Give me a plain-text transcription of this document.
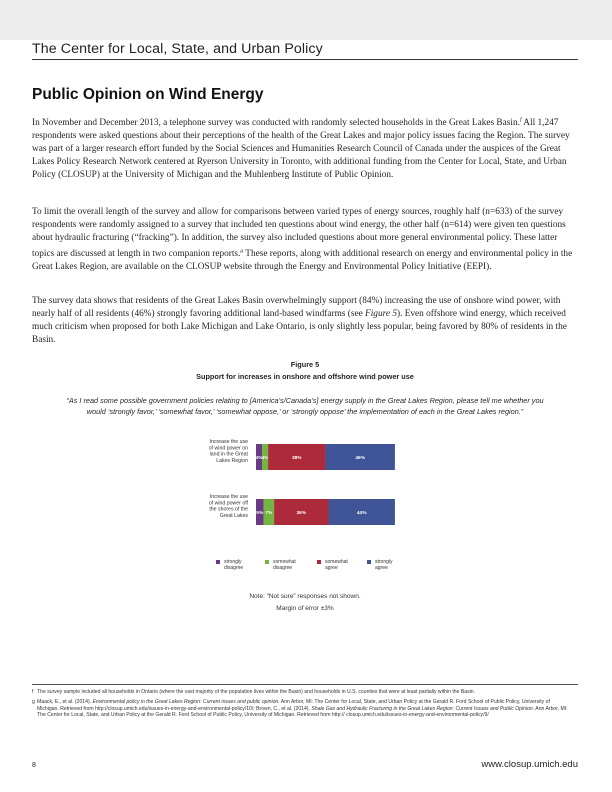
The Center for Local, State, and Urban Policy
Public Opinion on Wind Energy

In November and December 2013, a telephone survey was conducted with randomly selected households in the Great Lakes Basin.$^f$ All 1,247 respondents were asked questions about their perceptions of the health of the Great Lakes and major policy issues facing the Region. The survey was part of a larger research effort funded by the Social Sciences and Humanities Research Council of Canada under the auspices of the Great Lakes Policy Research Network centered at Ryerson University in Toronto, with additional funding from the Center for Local, State, and Urban Policy (CLOSUP) at the University of Michigan and the Muhlenberg Institute of Public Opinion.

To limit the overall length of the survey and allow for comparisons between varied types of energy sources, roughly half (n=633) of the survey respondents were randomly assigned to a survey that included ten questions about wind energy, the other half (n=614) were given ten questions about hydraulic fracturing (“fracking”). In addition, the survey also included questions about more general environmental policy. These latter topics are discussed at length in two companion reports.$^g$ These reports, along with additional research on energy and environmental policy in the Great Lakes Region, are available on the CLOSUP website through the Energy and Environmental Policy Initiative (EEPI).

The survey data shows that residents of the Great Lakes Basin overwhelmingly support (84%) increasing the use of onshore wind power, with nearly half of all residents (46%) strongly favoring additional land-based windfarms (see Figure 5). Even offshore wind energy, which received much criticism when proposed for both Lake Michigan and Lake Ontario, is only slightly less popular, being favored by 80% of residents in the Basin.

Figure 5
Support for increases in onshore and offshore wind power use
“As I read some possible government policies relating to [America’s/Canada’s] energy supply in the Great Lakes Region, please tell me whether you would ‘strongly favor,’ ‘somewhat favor,’ ‘somewhat oppose,’ or ‘strongly oppose’ the implementation of each in the Great Lakes region.”
Increase the use
of wind power on
land in the Great
Lakes Region 4% 4%	38%	46%
Increase the use
of wind power off
the shores of the
Great Lakes 5% 7%	36%	44%
strongly
disagree
somewhat
disagree
somewhat
agree
strongly
agree
Note: “Not sure” responses not shown.
Margin of error ±3%
f The survey sample included all households in Ontario (where the vast majority of the population lives within the Basin) and households in U.S. counties that were at least partially within the Basin.
g Maack, E., et al. (2014). Environmental policy in the Great Lakes Region: Current issues and public opinion. Ann Arbor, MI: The Center for Local, State, and Urban Policy at the Gerald R. Ford School of Public Policy, University of Michigan. Retrieved from http://closup.umich.edu/issues-in-energy-and-environmental-policy/10/; Brown, C., et al. (2014). Shale Gas and Hydraulic Fracturing in the Great Lakes Region: Current Issues and Public Opinion. Ann Arbor, MI: The Center for Local, State, and Urban Policy at the Gerald R. Ford School of Public Policy, University of Michigan. Retrieved from http:// closup.umich.edu/issues-in-energy-and-environmental-policy/9/
8	www.closup.umich.edu
